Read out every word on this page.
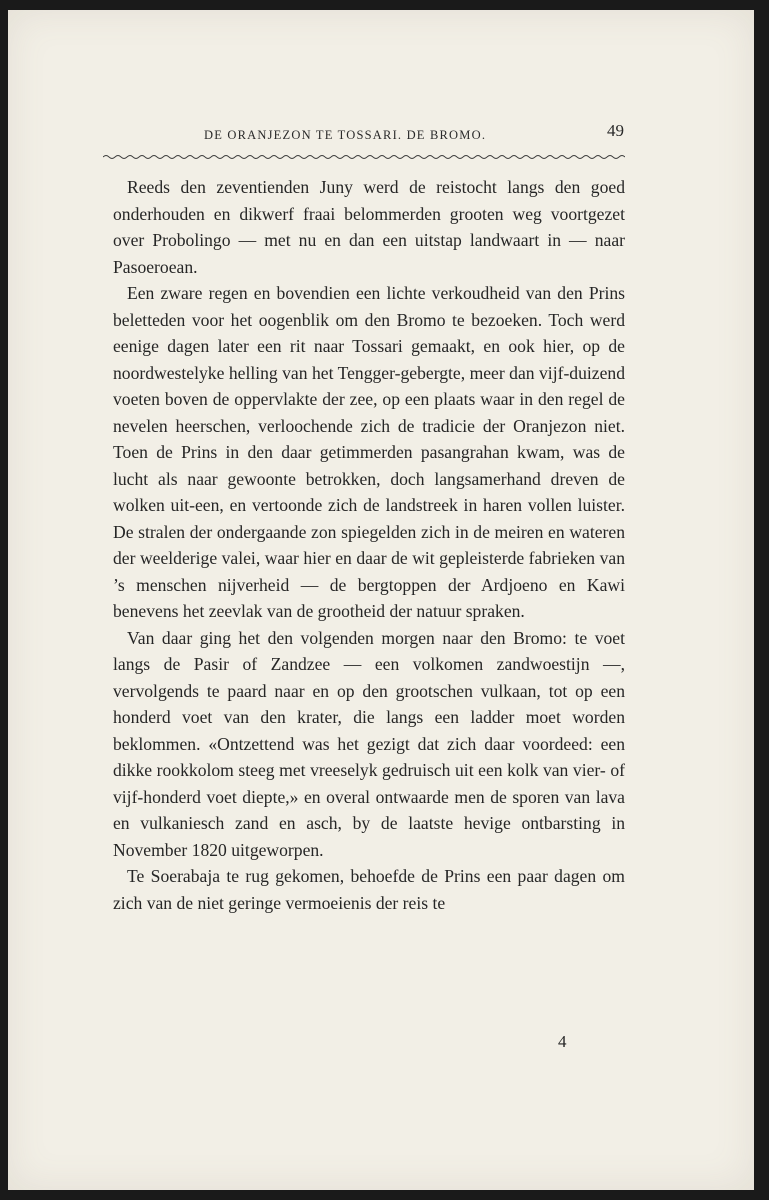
DE ORANJEZON TE TOSSARI. DE BROMO.	49

Reeds den zeventienden Juny werd de reistocht langs den goed onderhouden en dikwerf fraai belommerden grooten weg voortgezet over Probolingo — met nu en dan een uitstap landwaart in — naar Pasoeroean.

Een zware regen en bovendien een lichte verkoudheid van den Prins beletteden voor het oogenblik om den Bromo te bezoeken. Toch werd eenige dagen later een rit naar Tossari gemaakt, en ook hier, op de noordwestelyke helling van het Tengger-gebergte, meer dan vijf-duizend voeten boven de oppervlakte der zee, op een plaats waar in den regel de nevelen heerschen, verloochende zich de tradicie der Oranjezon niet. Toen de Prins in den daar getimmerden pasangrahan kwam, was de lucht als naar gewoonte betrokken, doch langsamerhand dreven de wolken uit-een, en vertoonde zich de landstreek in haren vollen luister. De stralen der ondergaande zon spiegelden zich in de meiren en wateren der weelderige valei, waar hier en daar de wit gepleisterde fabrieken van ’s menschen nijverheid — de bergtoppen der Ardjoeno en Kawi benevens het zeevlak van de grootheid der natuur spraken.

Van daar ging het den volgenden morgen naar den Bromo: te voet langs de Pasir of Zandzee — een volkomen zandwoestijn —, vervolgends te paard naar en op den grootschen vulkaan, tot op een honderd voet van den krater, die langs een ladder moet worden beklommen. «Ontzettend was het gezigt dat zich daar voordeed: een dikke rookkolom steeg met vreeselyk gedruisch uit een kolk van vier- of vijf-honderd voet diepte,» en overal ontwaarde men de sporen van lava en vulkaniesch zand en asch, by de laatste hevige ontbarsting in November 1820 uitgeworpen.

Te Soerabaja te rug gekomen, behoefde de Prins een paar dagen om zich van de niet geringe vermoeienis der reis te

4
